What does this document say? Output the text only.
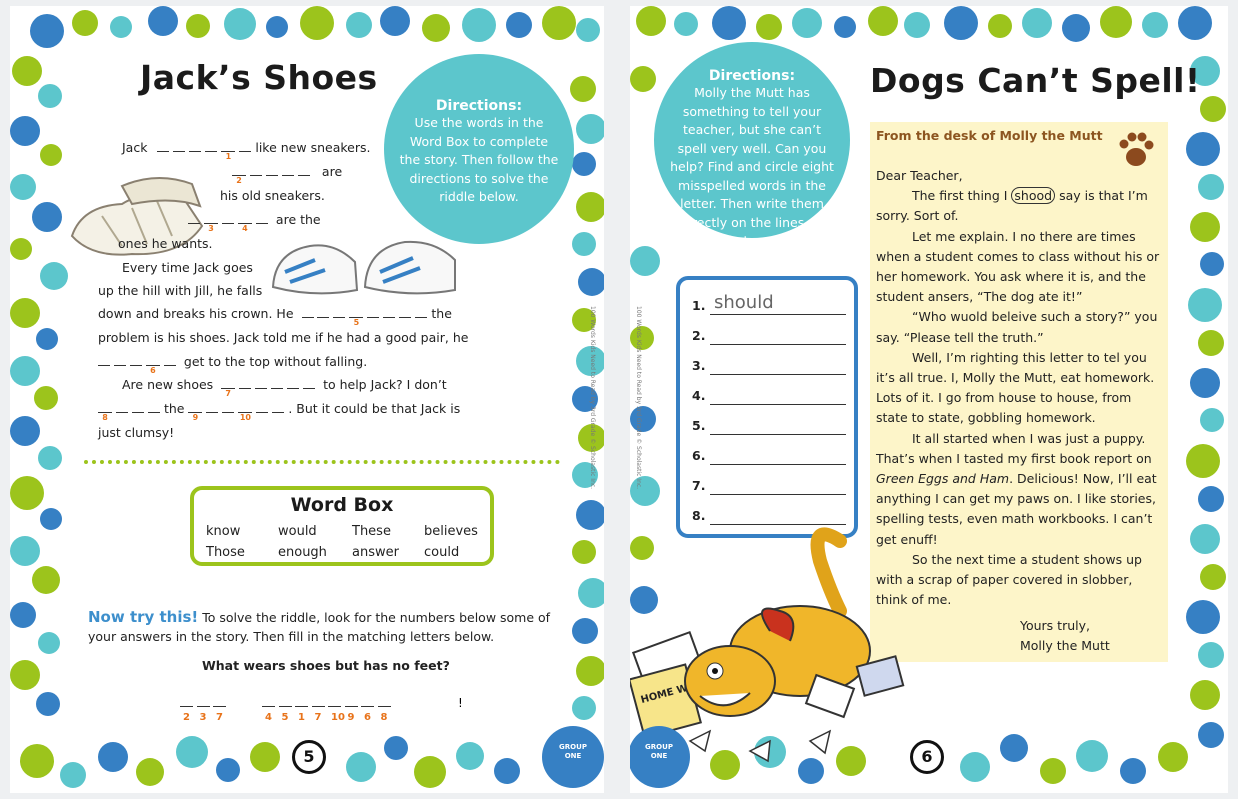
Jack’s Shoes
Directions:
Use the words in the Word Box to complete the story. Then follow the directions to solve the riddle below.
Jack
1
like new sneakers.
2
are
his old sneakers.

3
	4
are the
ones he wants.
Every time Jack goes
up the hill with Jill, he falls
down and breaks his crown. He
5
the
problem is his shoes. Jack told me if he had a good pair, he

6
get to the top without falling.
Are new shoes
7
to help Jack? I don’t
8
the
9
	10
. But it could be that Jack is
just clumsy!
Word Box
know	would	These	believes
Those	enough answer could
Now try this! To solve the riddle, look for the numbers below some of your answers in the story. Then fill in the matching letters below.
What wears shoes but has no feet?
2 3 7	4 5 1 7 10 9 6 8
!
5	GROUP
ONE
100 Words Kids Need to Read by 3rd Grade © Scholastic Inc.
Directions:
Molly the Mutt has something to tell your teacher, but she can’t spell very well. Can you help? Find and circle eight misspelled words in the letter. Then write them correctly on the lines. We did the first one for you.
Dogs Can’t Spell!
1.
2.
3.
4.
5.
6.
7.
8.
should
From the desk of Molly the Mutt
Dear Teacher,

The first thing I shood say is that I’m sorry. Sort of.

Let me explain. I no there are times when a student comes to class without his or her homework. You ask where it is, and the student ansers, “The dog ate it!”

“Who wuold beleive such a story?” you say. “Please tell the truth.”

Well, I’m righting this letter to tel you it’s all true. I, Molly the Mutt, eat homework. Lots of it. I go from house to house, from state to state, gobbling homework.

It all started when I was just a puppy. That’s when I tasted my first book report on Green Eggs and Ham. Delicious! Now, I’ll eat anything I can get my paws on. I like stories, spelling tests, even math workbooks. I can’t get enuff!

So the next time a student shows up with a scrap of paper covered in slobber, think of me.

Yours truly,
Molly the Mutt
HOME
GROUP
ONE	6
100 Words Kids Need to Read by 3rd Grade © Scholastic Inc.
